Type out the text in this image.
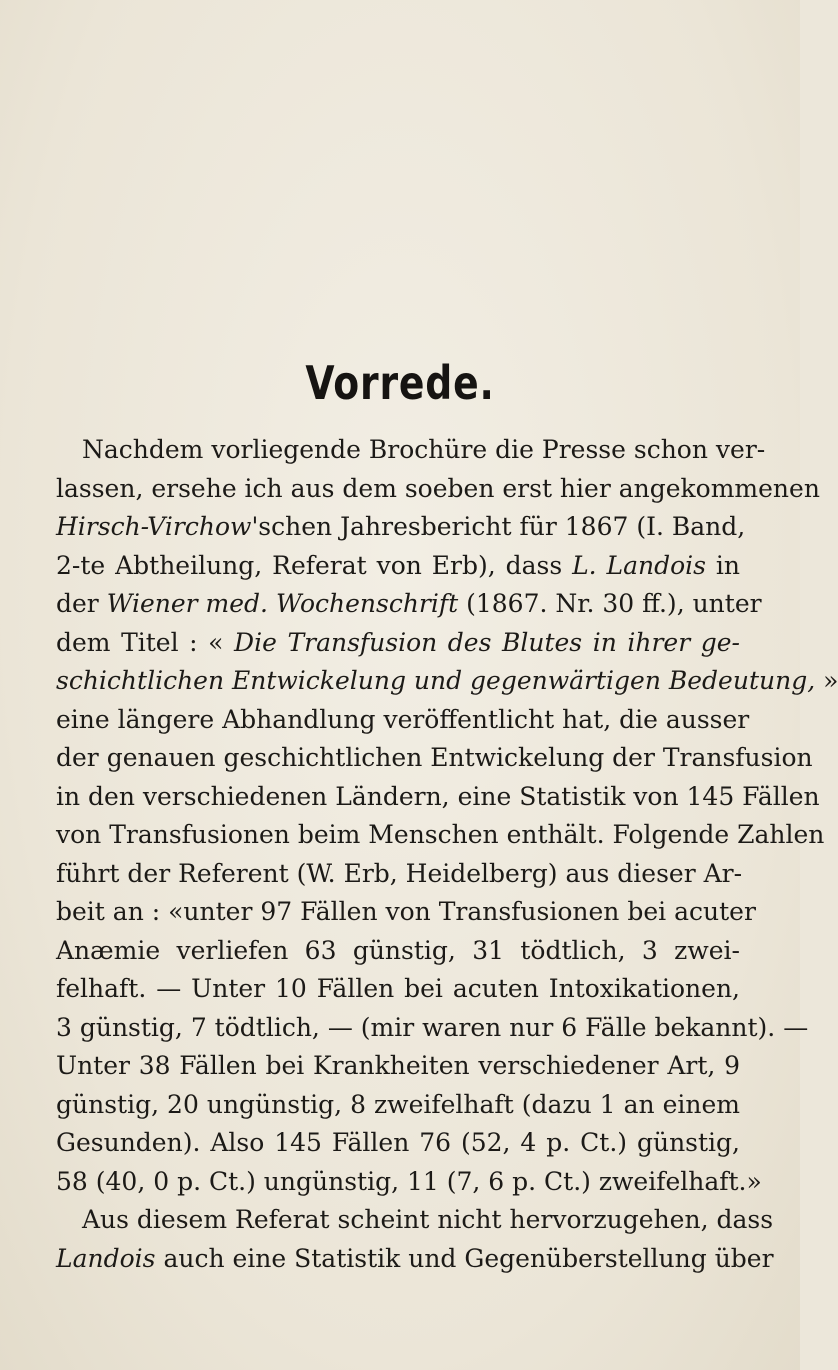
Vorrede.
Nachdem vorliegende Brochüre die Presse schon ver-
lassen, ersehe ich aus dem soeben erst hier angekommenen
Hirsch-Virchow'schen Jahresbericht für 1867 (I. Band,
2-te Abtheilung, Referat von Erb), dass L. Landois in
der Wiener med. Wochenschrift (1867. Nr. 30 ff.), unter
dem Titel : « Die Transfusion des Blutes in ihrer ge-
schichtlichen Entwickelung und gegenwärtigen Bedeutung, »
eine längere Abhandlung veröffentlicht hat, die ausser
der genauen geschichtlichen Entwickelung der Transfusion
in den verschiedenen Ländern, eine Statistik von 145 Fällen
von Transfusionen beim Menschen enthält. Folgende Zahlen
führt der Referent (W. Erb, Heidelberg) aus dieser Ar-
beit an : «unter 97 Fällen von Transfusionen bei acuter
Anæmie verliefen 63 günstig, 31 tödtlich, 3 zwei-
felhaft. — Unter 10 Fällen bei acuten Intoxikationen,
3 günstig, 7 tödtlich, — (mir waren nur 6 Fälle bekannt). —
Unter 38 Fällen bei Krankheiten verschiedener Art, 9
günstig, 20 ungünstig, 8 zweifelhaft (dazu 1 an einem
Gesunden). Also 145 Fällen 76 (52, 4 p. Ct.) günstig,
58 (40, 0 p. Ct.) ungünstig, 11 (7, 6 p. Ct.) zweifelhaft.»
Aus diesem Referat scheint nicht hervorzugehen, dass
Landois auch eine Statistik und Gegenüberstellung über
